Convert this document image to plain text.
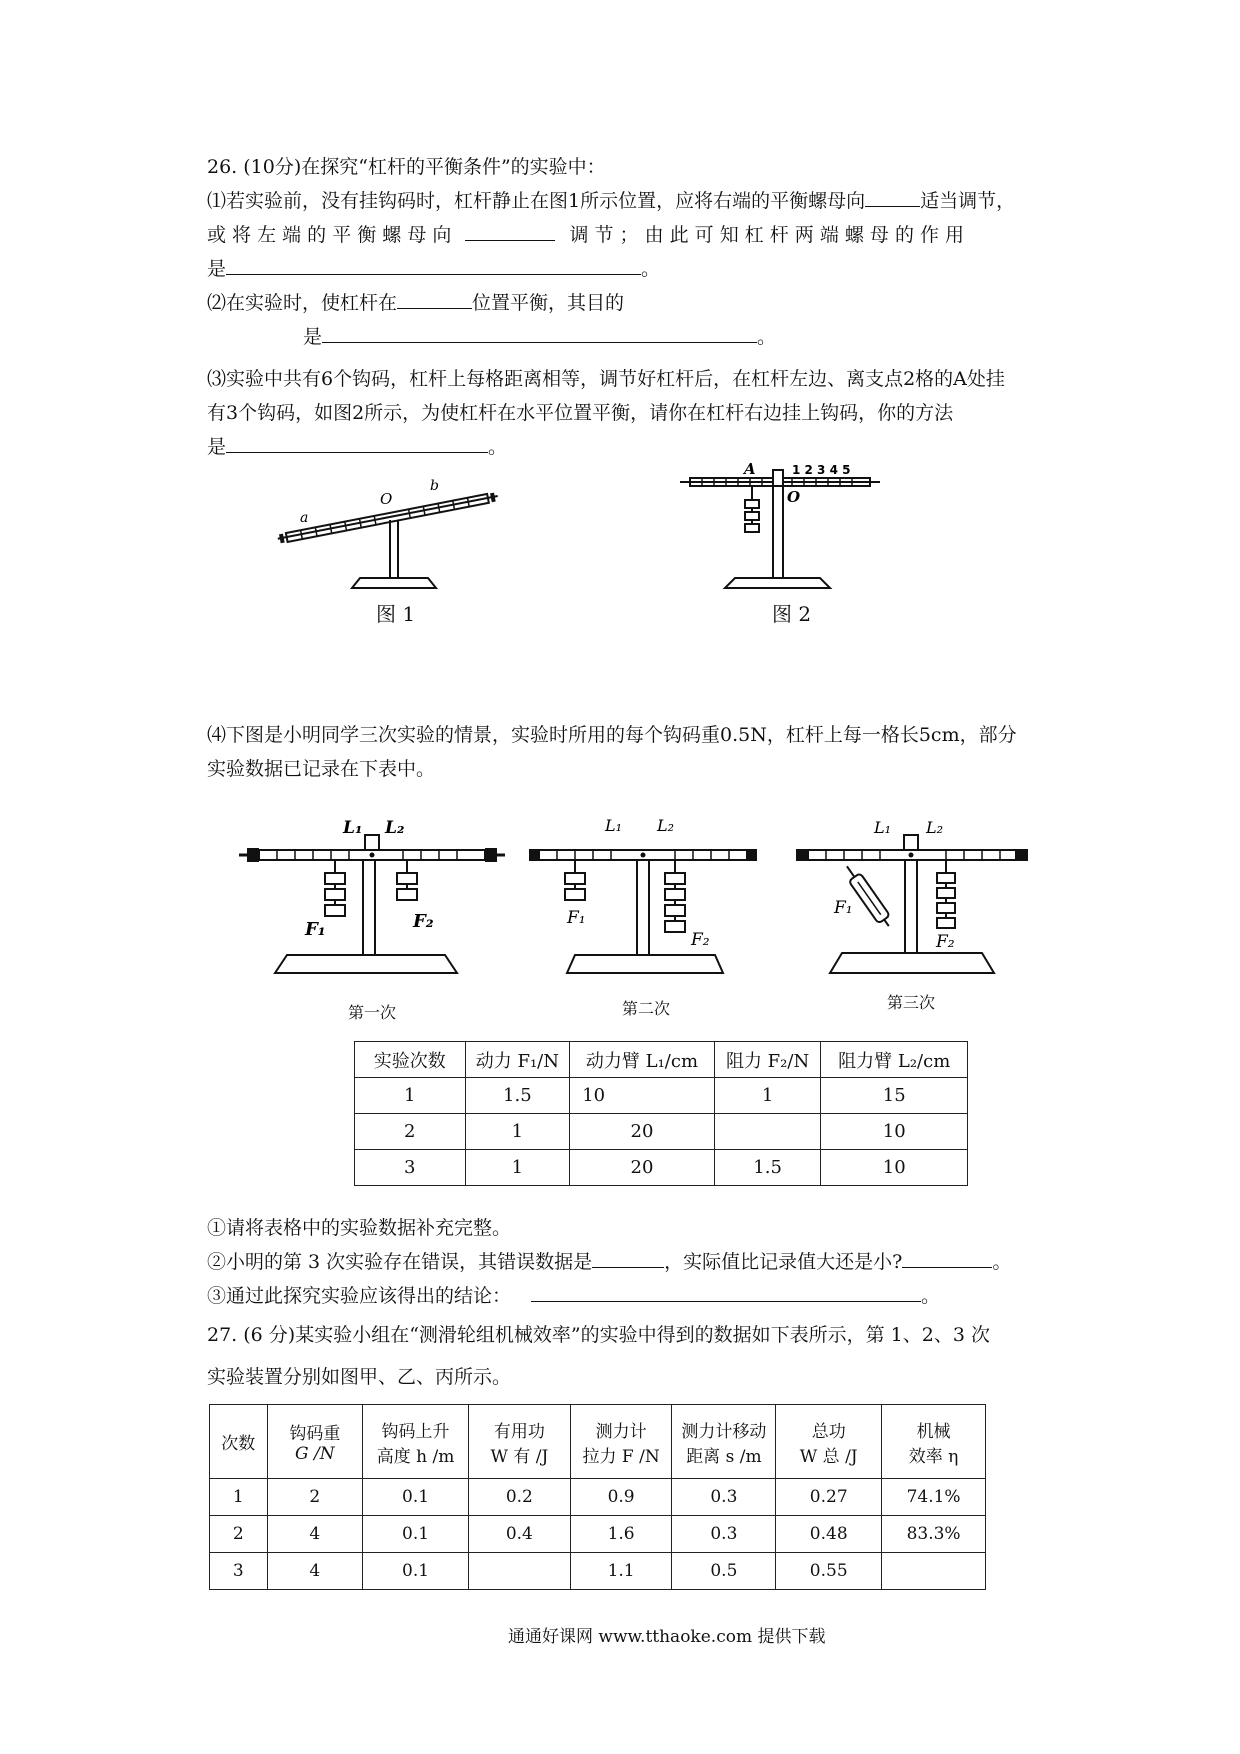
26. (10分)在探究“杠杆的平衡条件”的实验中：
⑴若实验前，没有挂钩码时，杠杆静止在图1所示位置，应将右端的平衡螺母向	适当调节，
或 将 左 端 的 平 衡 螺 母 向	调 节 ； 由 此 可 知 杠 杆 两 端 螺 母 的 作 用
是	。
⑵在实验时，使杠杆在	位置平衡，其目的
是	。
⑶实验中共有6个钩码，杠杆上每格距离相等，调节好杠杆后，在杠杆左边、离支点2格的A处挂
有3个钩码，如图2所示，为使杠杆在水平位置平衡，请你在杠杆右边挂上钩码，你的方法
是	。
a
O
b
图 1
A
O
1 2 3 4 5
图 2
⑷下图是小明同学三次实验的情景，实验时所用的每个钩码重0.5N，杠杆上每一格长5cm，部分
实验数据已记录在下表中。
L₁ L₂
F₁	F₂
第一次
L₁ L₂
F₁
F₂
第二次
L₁ L₂
F₁
F₂
第三次
实验次数	动力 F₁/N	动力臂 L₁/cm	阻力 F₂/N	阻力臂 L₂/cm
1	1.5	10	1	15
2	1	20		10
3	1	20	1.5	10
①请将表格中的实验数据补充完整。
②小明的第 3 次实验存在错误，其错误数据是	，实际值比记录值大还是小?	。
③通过此探究实验应该得出的结论：	。
27. (6 分)某实验小组在“测滑轮组机械效率”的实验中得到的数据如下表所示，第 1、2、3 次
实验装置分别如图甲、乙、丙所示。
次数	钩码重
G /N	钩码上升
高度 h /m	有用功
W 有 /J	测力计
拉力 F /N	测力计移动
距离 s /m	总功
W 总 /J	机械
效率 η
1	2	0.1	0.2	0.9	0.3	0.27	74.1%
2	4	0.1	0.4	1.6	0.3	0.48	83.3%
3	4	0.1		1.1	0.5	0.55	
通通好课网 www.tthaoke.com 提供下载
